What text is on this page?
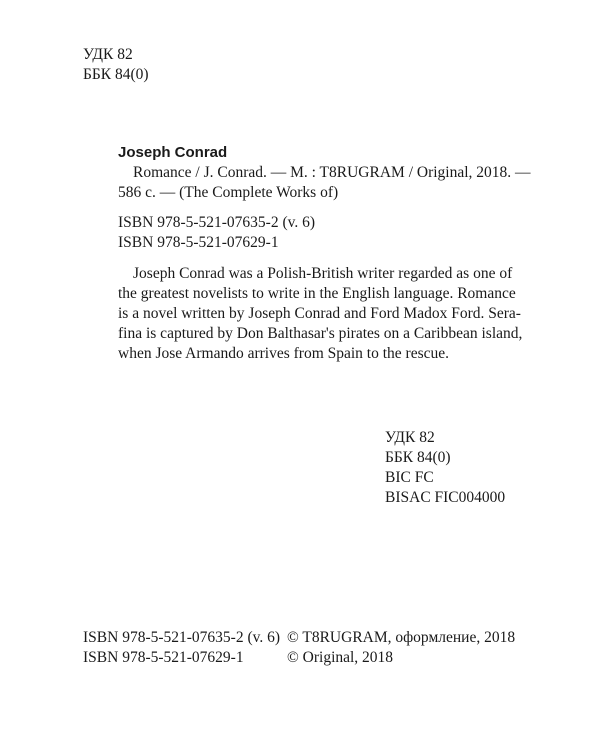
УДК 82
ББК 84(0)
Joseph Conrad
Romance / J. Conrad. — M. : T8RUGRAM / Original, 2018. —
586 c. — (The Complete Works of)
ISBN 978-5-521-07635-2 (v. 6)
ISBN 978-5-521-07629-1
Joseph Conrad was a Polish-British writer regarded as one of
the greatest novelists to write in the English language. Romance
is a novel written by Joseph Conrad and Ford Madox Ford. Sera-
fina is captured by Don Balthasar's pirates on a Caribbean island,
when Jose Armando arrives from Spain to the rescue.
УДК 82
ББК 84(0)
BIC FC
BISAC FIC004000
ISBN 978-5-521-07635-2 (v. 6)
ISBN 978-5-521-07629-1
© T8RUGRAM, оформление, 2018
© Original, 2018
